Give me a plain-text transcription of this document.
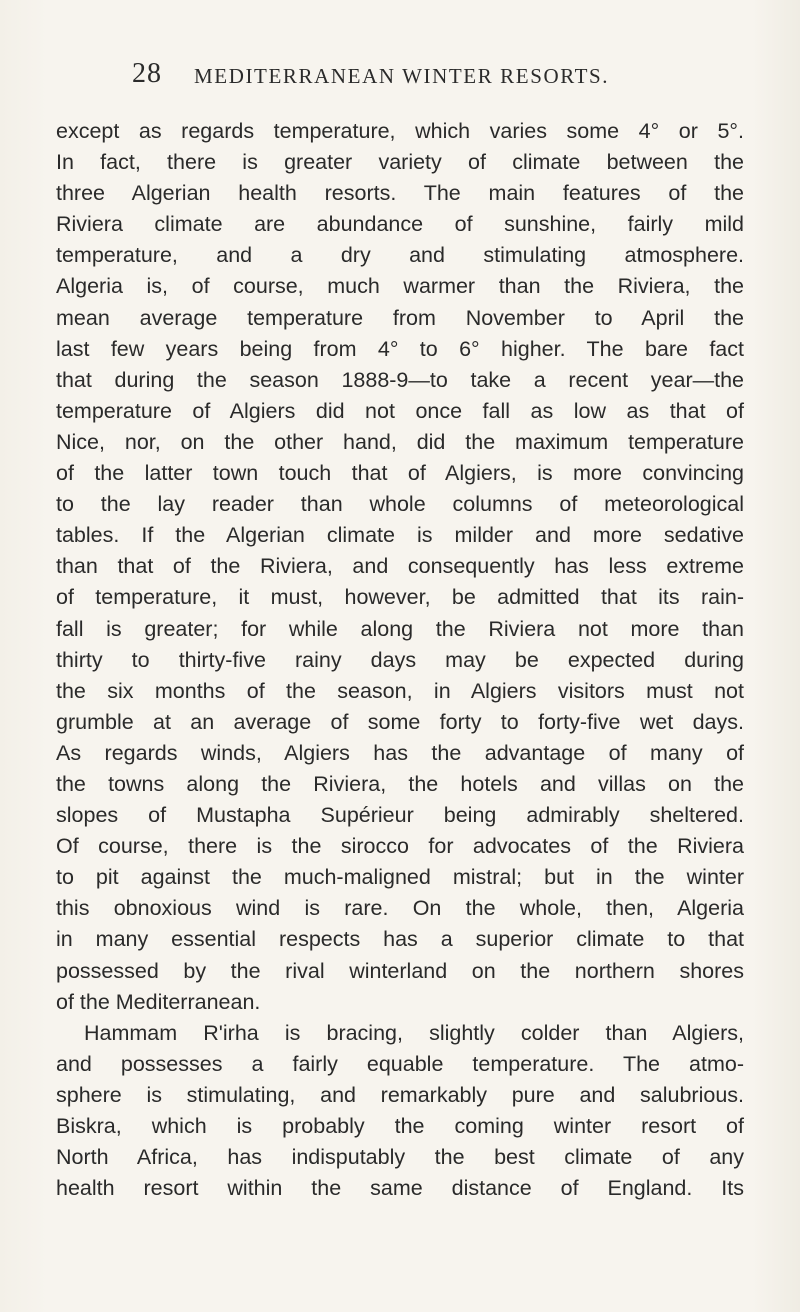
28 MEDITERRANEAN WINTER RESORTS.
except as regards temperature, which varies some 4° or 5°.
In fact, there is greater variety of climate between the
three Algerian health resorts. The main features of the
Riviera climate are abundance of sunshine, fairly mild
temperature, and a dry and stimulating atmosphere.
Algeria is, of course, much warmer than the Riviera, the
mean average temperature from November to April the
last few years being from 4° to 6° higher. The bare fact
that during the season 1888-9—to take a recent year—the
temperature of Algiers did not once fall as low as that of
Nice, nor, on the other hand, did the maximum temperature
of the latter town touch that of Algiers, is more convincing
to the lay reader than whole columns of meteorological
tables. If the Algerian climate is milder and more sedative
than that of the Riviera, and consequently has less extreme
of temperature, it must, however, be admitted that its rain-
fall is greater; for while along the Riviera not more than
thirty to thirty-five rainy days may be expected during
the six months of the season, in Algiers visitors must not
grumble at an average of some forty to forty-five wet days.
As regards winds, Algiers has the advantage of many of
the towns along the Riviera, the hotels and villas on the
slopes of Mustapha Supérieur being admirably sheltered.
Of course, there is the sirocco for advocates of the Riviera
to pit against the much-maligned mistral; but in the winter
this obnoxious wind is rare. On the whole, then, Algeria
in many essential respects has a superior climate to that
possessed by the rival winterland on the northern shores
of the Mediterranean.
Hammam R'irha is bracing, slightly colder than Algiers,
and possesses a fairly equable temperature. The atmo-
sphere is stimulating, and remarkably pure and salubrious.
Biskra, which is probably the coming winter resort of
North Africa, has indisputably the best climate of any
health resort within the same distance of England. Its
